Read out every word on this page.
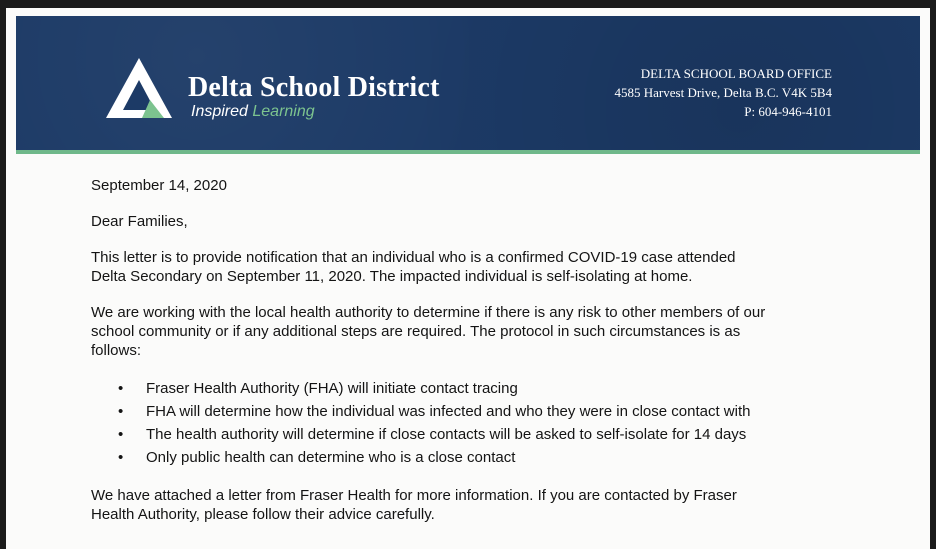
Delta School District
Inspired Learning
DELTA SCHOOL BOARD OFFICE
4585 Harvest Drive, Delta B.C. V4K 5B4
P: 604-946-4101

September 14, 2020

Dear Families,

This letter is to provide notification that an individual who is a confirmed COVID-19 case attended
Delta Secondary on September 11, 2020. The impacted individual is self-isolating at home.

We are working with the local health authority to determine if there is any risk to other members of our
school community or if any additional steps are required. The protocol in such circumstances is as
follows:

• Fraser Health Authority (FHA) will initiate contact tracing
• FHA will determine how the individual was infected and who they were in close contact with
• The health authority will determine if close contacts will be asked to self-isolate for 14 days
• Only public health can determine who is a close contact

We have attached a letter from Fraser Health for more information. If you are contacted by Fraser
Health Authority, please follow their advice carefully.
